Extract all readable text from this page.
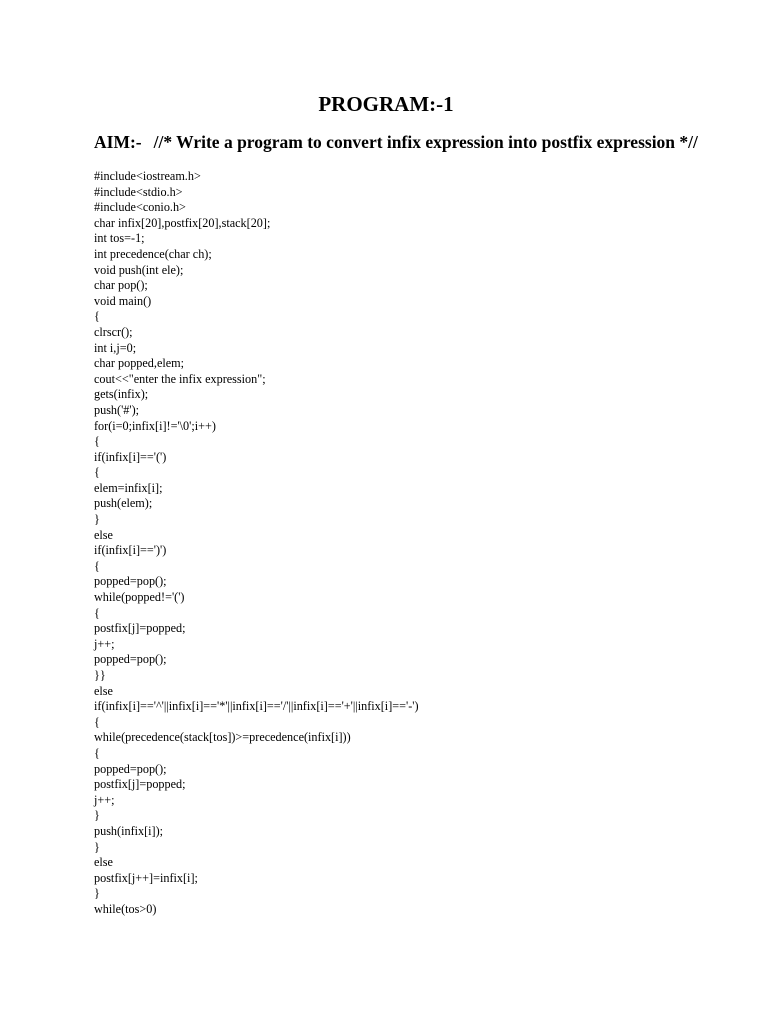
PROGRAM:-1

AIM:- //* Write a program to convert infix expression into postfix expression *//

#include<iostream.h>
#include<stdio.h>
#include<conio.h>
char infix[20],postfix[20],stack[20];
int tos=-1;
int precedence(char ch);
void push(int ele);
char pop();
void main()
{
clrscr();
int i,j=0;
char popped,elem;
cout<<"enter the infix expression";
gets(infix);
push('#');
for(i=0;infix[i]!='\0';i++)
{
if(infix[i]=='(')
{
elem=infix[i];
push(elem);
}
else
if(infix[i]==')')
{
popped=pop();
while(popped!='(')
{
postfix[j]=popped;
j++;
popped=pop();
}}
else
if(infix[i]=='^'||infix[i]=='*'||infix[i]=='/'||infix[i]=='+'||infix[i]=='-')
{
while(precedence(stack[tos])>=precedence(infix[i]))
{
popped=pop();
postfix[j]=popped;
j++;
}
push(infix[i]);
}
else
postfix[j++]=infix[i];
}
while(tos>0)
